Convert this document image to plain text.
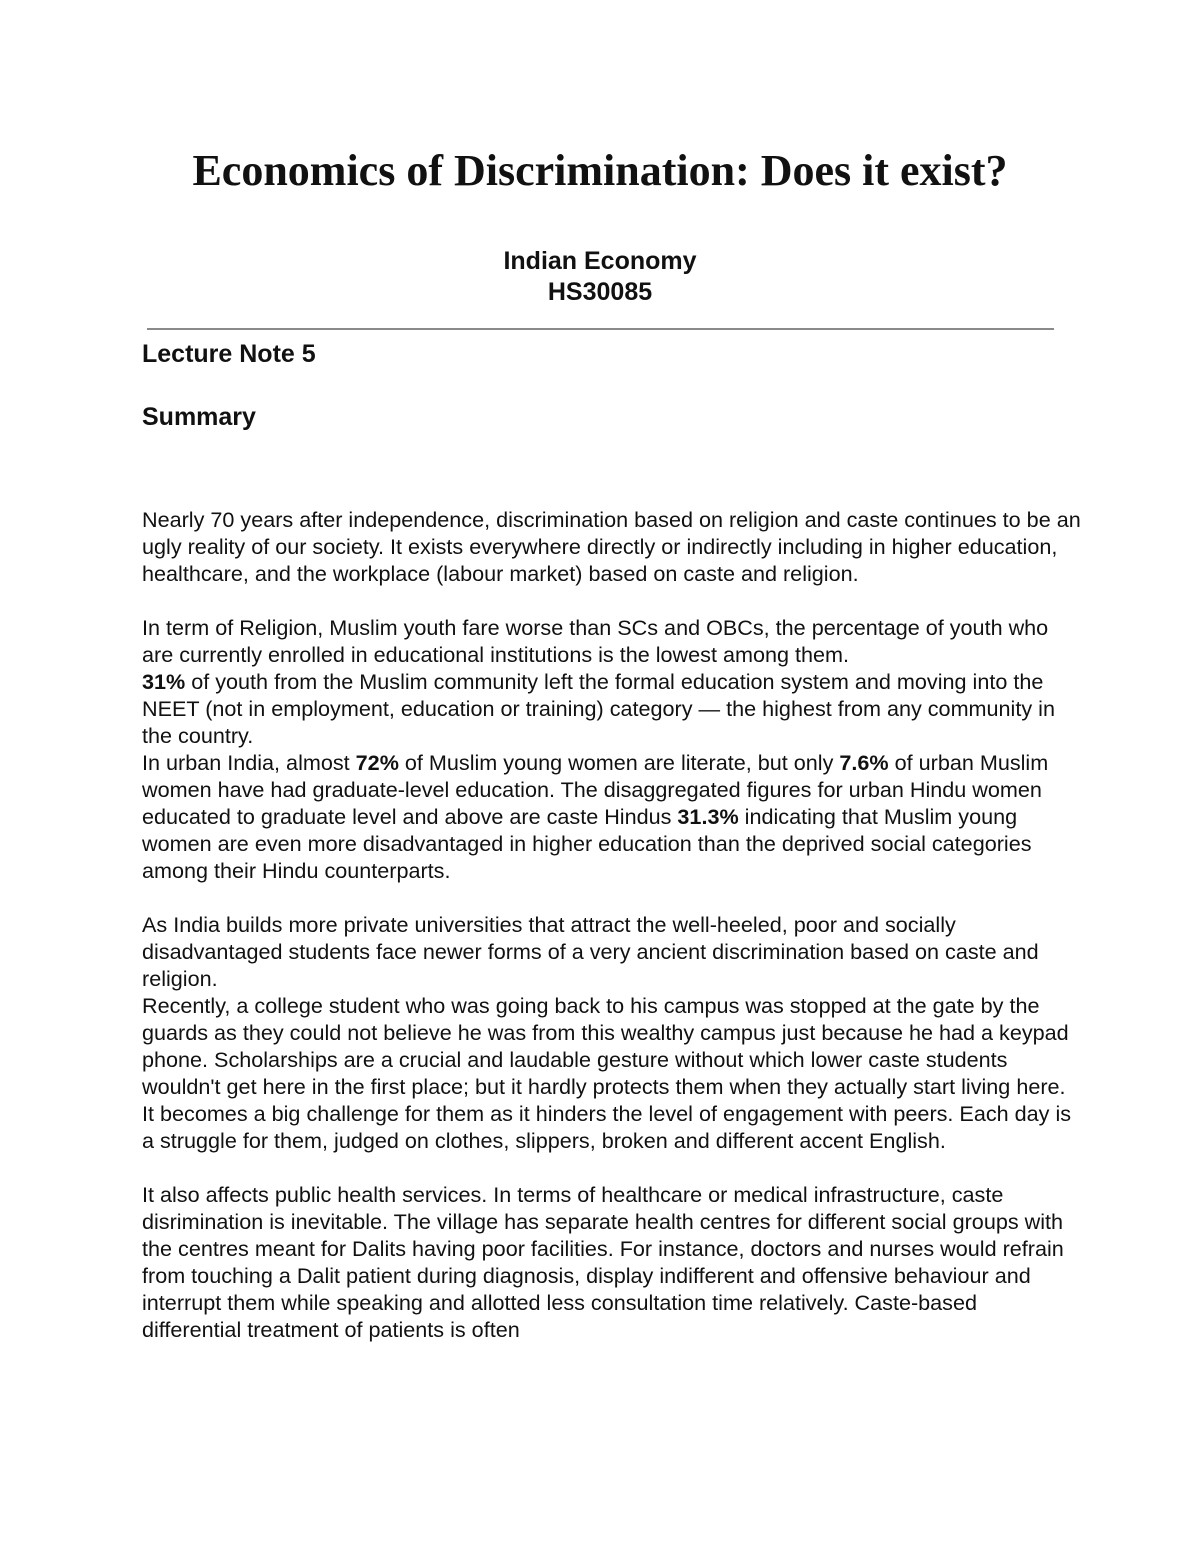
Economics of Discrimination: Does it exist?
Indian Economy
HS30085
Lecture Note 5
Summary

Nearly 70 years after independence, discrimination based on religion and caste continues to be an ugly reality of our society. It exists everywhere directly or indirectly including in higher education, healthcare, and the workplace (labour market) based on caste and religion.

In term of Religion, Muslim youth fare worse than SCs and OBCs, the percentage of youth who are currently enrolled in educational institutions is the lowest among them.
31% of youth from the Muslim community left the formal education system and moving into the NEET (not in employment, education or training) category — the highest from any community in the country.

In urban India, almost 72% of Muslim young women are literate, but only 7.6% of urban Muslim women have had graduate-level education. The disaggregated figures for urban Hindu women educated to graduate level and above are caste Hindus 31.3% indicating that Muslim young women are even more disadvantaged in higher education than the deprived social categories among their Hindu counterparts.

As India builds more private universities that attract the well-heeled, poor and socially disadvantaged students face newer forms of a very ancient discrimination based on caste and religion.

Recently, a college student who was going back to his campus was stopped at the gate by the guards as they could not believe he was from this wealthy campus just because he had a keypad phone. Scholarships are a crucial and laudable gesture without which lower caste students wouldn't get here in the first place; but it hardly protects them when they actually start living here. It becomes a big challenge for them as it hinders the level of engagement with peers. Each day is a struggle for them, judged on clothes, slippers, broken and different accent English.

It also affects public health services. In terms of healthcare or medical infrastructure, caste disrimination is inevitable. The village has separate health centres for different social groups with the centres meant for Dalits having poor facilities. For instance, doctors and nurses would refrain from touching a Dalit patient during diagnosis, display indifferent and offensive behaviour and interrupt them while speaking and allotted less consultation time relatively. Caste-based differential treatment of patients is often
